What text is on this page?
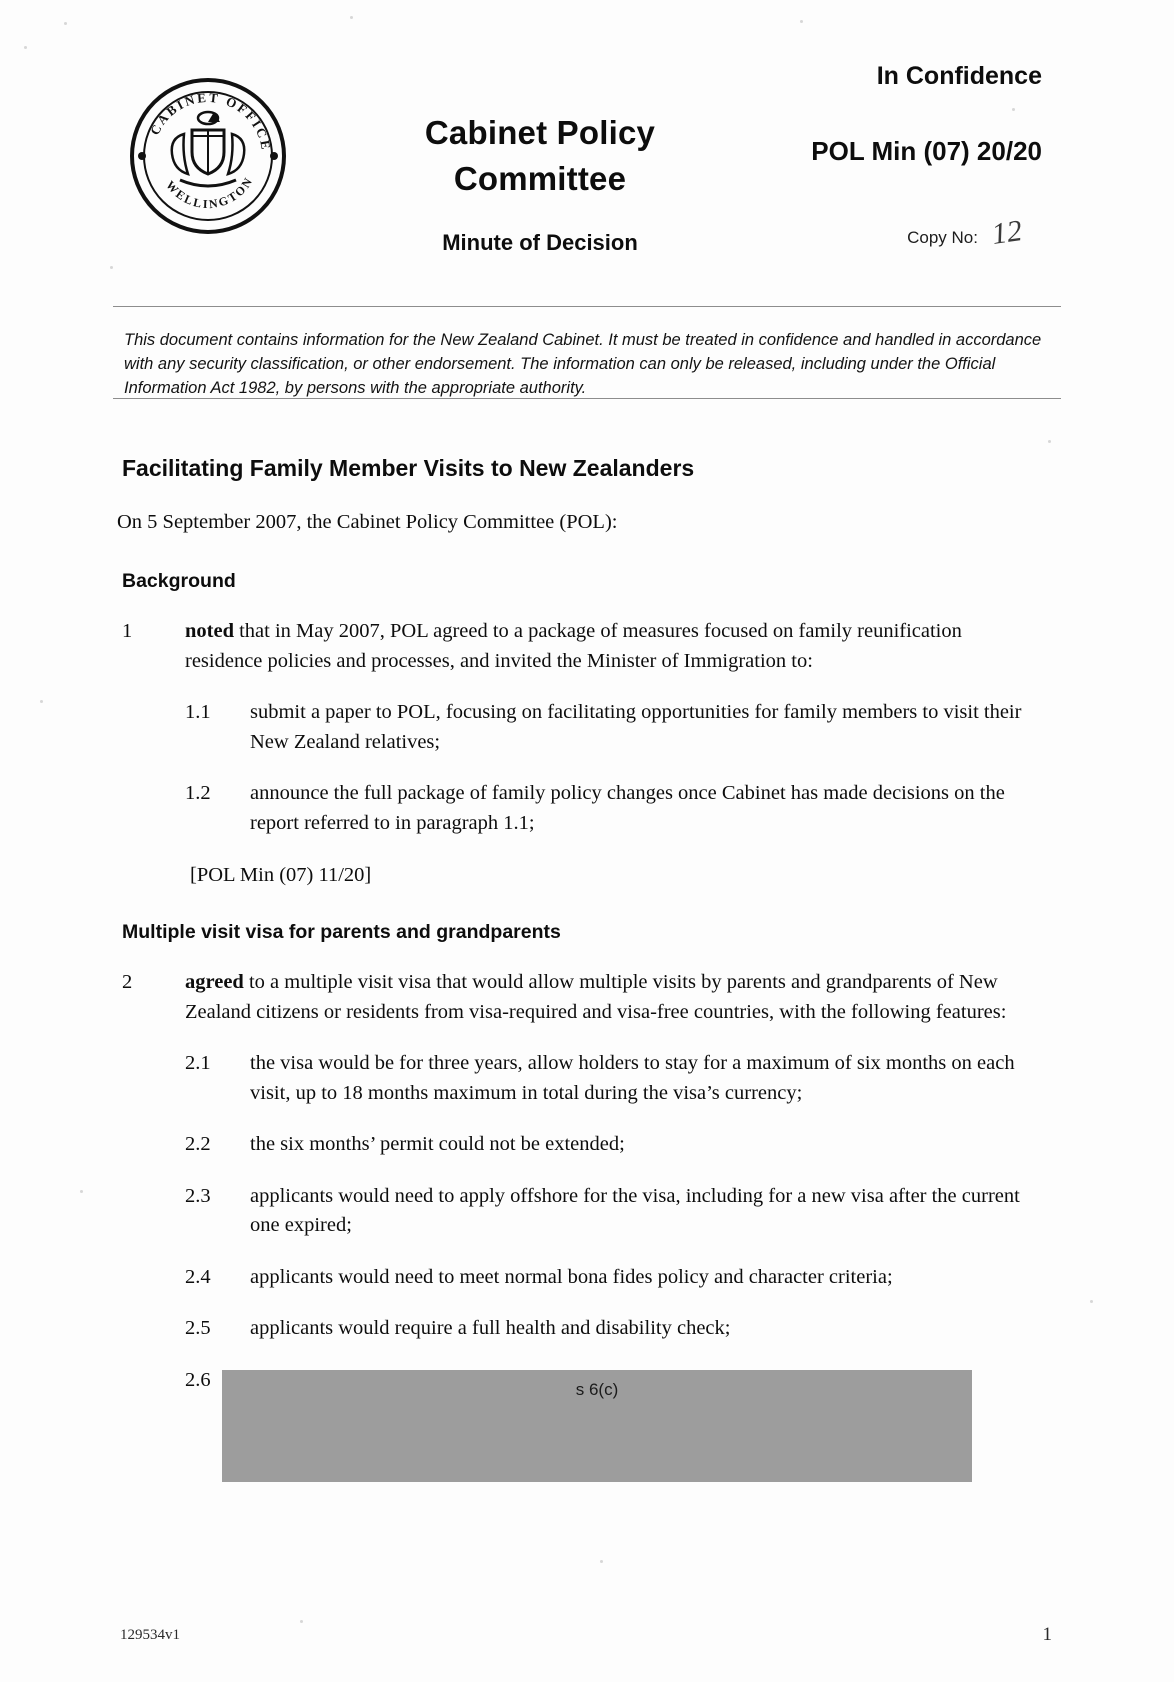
CABINET OFFICE
WELLINGTON
In Confidence
POL Min (07) 20/20
Copy No: 12
Cabinet Policy
Committee
Minute of Decision
This document contains information for the New Zealand Cabinet. It must be treated in confidence and handled in accordance with any security classification, or other endorsement. The information can only be released, including under the Official Information Act 1982, by persons with the appropriate authority.
Facilitating Family Member Visits to New Zealanders
On 5 September 2007, the Cabinet Policy Committee (POL):
Background
1	noted that in May 2007, POL agreed to a package of measures focused on family reunification residence policies and processes, and invited the Minister of Immigration to:
1.1 submit a paper to POL, focusing on facilitating opportunities for family members to visit their New Zealand relatives;
1.2 announce the full package of family policy changes once Cabinet has made decisions on the report referred to in paragraph 1.1;
[POL Min (07) 11/20]
Multiple visit visa for parents and grandparents
2	agreed to a multiple visit visa that would allow multiple visits by parents and grandparents of New Zealand citizens or residents from visa-required and visa-free countries, with the following features:
2.1 the visa would be for three years, allow holders to stay for a maximum of six months on each visit, up to 18 months maximum in total during the visa’s currency;
2.2 the six months’ permit could not be extended;
2.3 applicants would need to apply offshore for the visa, including for a new visa after the current one expired;
2.4 applicants would need to meet normal bona fides policy and character criteria;
2.5 applicants would require a full health and disability check;
2.6	s 6(c)
129534v1	1
